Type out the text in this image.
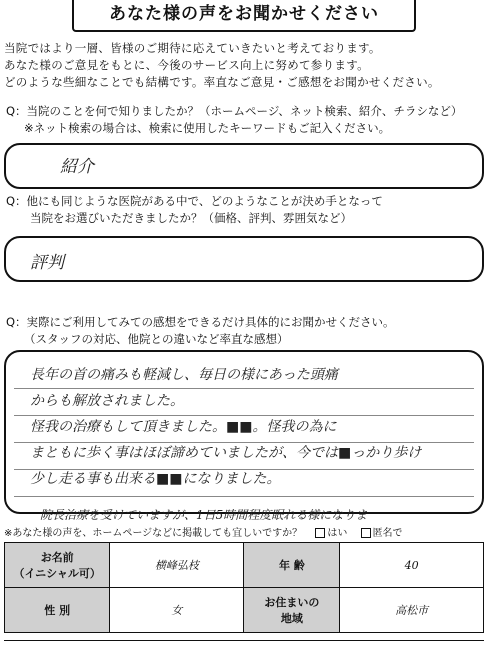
あなた様の声をお聞かせください
当院ではより一層、皆様のご期待に応えていきたいと考えております。
あなた様のご意見をもとに、今後のサービス向上に努めて参ります。
どのような些細なことでも結構です。率直なご意見・ご感想をお聞かせください。
Q：当院のことを何で知りましたか？（ホームページ、ネット検索、紹介、チラシなど）
※ネット検索の場合は、検索に使用したキーワードもご記入ください。
紹介
Q：他にも同じような医院がある中で、どのようなことが決め手となって
当院をお選びいただきましたか？（価格、評判、雰囲気など）
評判
Q：実際にご利用してみての感想をできるだけ具体的にお聞かせください。
（スタッフの対応、他院との違いなど率直な感想）
長年の首の痛みも軽減し、毎日の様にあった頭痛
からも解放されました。
怪我の治療もして頂きました。■■。怪我の為に
まともに歩く事はほぼ諦めていましたが、今では■っかり歩け
少し走る事も出来る■■になりました。
院長治療を受けていますが、1日5時間程度眠れる様になりま
※あなた様の声を、ホームページなどに掲載しても宜しいですか？	はい	匿名で
お名前
（イニシャル可）	横峰弘枝	年 齢	40
性 別	女	お住まいの
地域	高松市
